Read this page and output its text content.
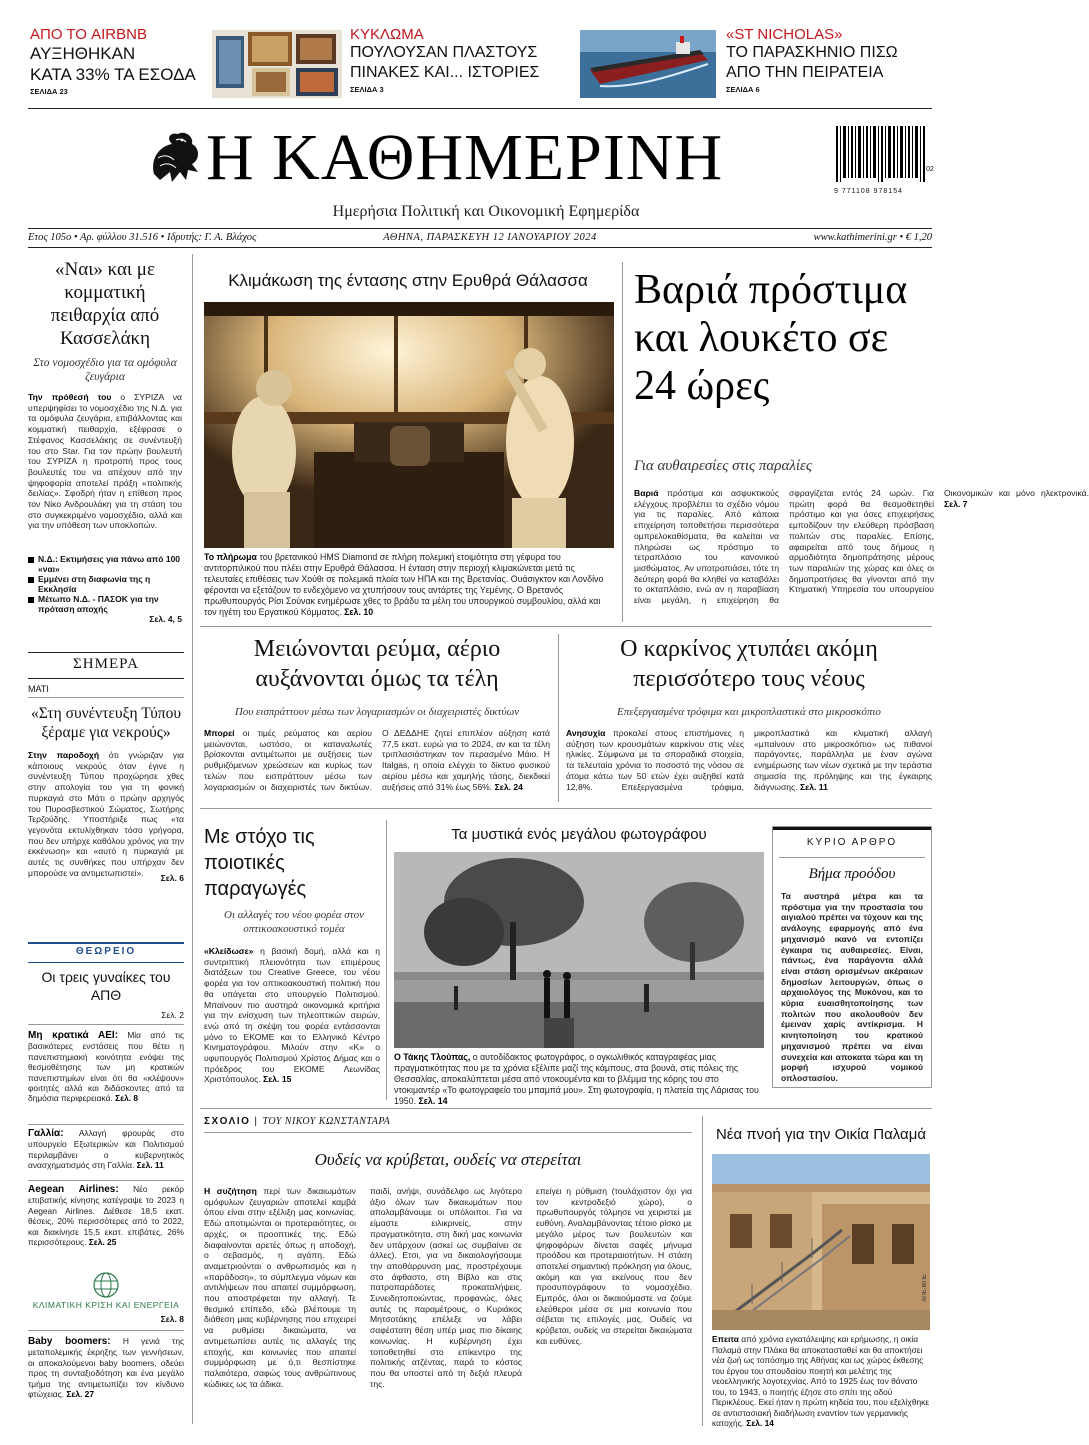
ΑΠΟ ΤΟ AIRBNB
ΑΥΞΗΘΗΚΑΝ
ΚΑΤΑ 33% ΤΑ ΕΣΟΔΑ
ΣΕΛΙΔΑ 23
ΚΥΚΛΩΜΑ
ΠΟΥΛΟΥΣΑΝ ΠΛΑΣΤΟΥΣ
ΠΙΝΑΚΕΣ ΚΑΙ... ΙΣΤΟΡΙΕΣ
ΣΕΛΙΔΑ 3
«ST NICHOLAS»
ΤΟ ΠΑΡΑΣΚΗΝΙΟ ΠΙΣΩ
ΑΠΟ ΤΗΝ ΠΕΙΡΑΤΕΙΑ
ΣΕΛΙΔΑ 6
Η ΚΑΘΗΜΕΡΙΝΗ
Ημερήσια Πολιτική και Οικονομική Εφημερίδα
9 771108 978154
02
Ετος 105ο • Αρ. φύλλου 31.516 • Ιδρυτής: Γ. Α. Βλάχος	ΑΘΗΝΑ, ΠΑΡΑΣΚΕΥΗ 12 ΙΑΝΟΥΑΡΙΟΥ 2024	www.kathimerini.gr • € 1,20
«Ναι» και με κομματική πειθαρχία από Κασσελάκη
Στο νομοσχέδιο για τα ομόφυλα ζευγάρια
Την πρόθεσή του ο ΣΥΡΙΖΑ να υπερψηφίσει το νομοσχέδιο της Ν.Δ. για τα ομόφυλα ζευγάρια, επιβάλλοντας και κομματική πειθαρχία, εξέφρασε ο Στέφανος Κασσελάκης σε συνέντευξή του στο Star. Για τον πρώην βουλευτή του ΣΥΡΙΖΑ η προτροπή προς τους βουλευτές του να απέχουν από την ψηφοφορία αποτελεί πράξη «πολιτικής δειλίας». Σφοδρή ήταν η επίθεση προς τον Νίκο Ανδρουλάκη για τη στάση του στο συγκεκριμένο νομοσχέδιο, αλλά και για την υπόθεση των υποκλοπών.
Ν.Δ.: Εκτιμήσεις για πάνω από 100 «ναι»
Εμμένει στη διαφωνία της η Εκκλησία
Μέτωπο Ν.Δ. - ΠΑΣΟΚ για την πρόταση αποχής
Σελ. 4, 5
ΣΗΜΕΡΑ
ΜΑΤΙ
«Στη συνέντευξη Τύπου ξέραμε για νεκρούς»
Στην παροδοχή ότι γνώριζαν για κάποιους νεκρούς όταν έγινε η συνέντευξη Τύπου προχώρησε χθες στην απολογία του για τη φονική πυρκαγιά στο Μάτι ο πρώην αρχηγός του Πυροσβεστικού Σώματος, Σωτήρης Τερζούδης. Υποστήριξε πως «τα γεγονότα εκτυλίχθηκαν τόσο γρήγορα, που δεν υπήρχε καθόλου χρόνος για την εκκένωση» και «αυτό η πυρκαγιά με αυτές τις συνθήκες που υπήρχαν δεν μπορούσε να αντιμετωπιστεί».
Σελ. 6
ΘΕΩΡΕΙΟ
Οι τρεις γυναίκες του ΑΠΘ
Σελ. 2
Μη κρατικά ΑΕΙ: Μία από τις βασικότερες ενστάσεις που θέτει η πανεπιστημιακή κοινότητα ενόψει της θεσμοθέτησης των μη κρατικών πανεπιστημίων είναι ότι θα «κλέψουν» φοιτητές αλλά και διδάσκοντες από τα δημόσια περιφερειακά. Σελ. 8
Γαλλία: Αλλαγή φρουράς στο υπουργείο Εξωτερικών και Πολιτισμού περιλαμβάνει ο κυβερνητικός ανασχηματισμός στη Γαλλία. Σελ. 11
Aegean Airlines: Νέο ρεκόρ επιβατικής κίνησης κατέγραψε το 2023 η Aegean Airlines. Διέθεσε 18,5 εκατ. θέσεις, 20% περισσότερες από το 2022, και διακίνησε 15,5 εκατ. επιβάτες, 26% περισσότερους. Σελ. 25
ΚΛΙΜΑΤΙΚΗ ΚΡΙΣΗ ΚΑΙ ΕΝΕΡΓΕΙΑ
Σελ. 8
Baby boomers: Η γενιά της μεταπολεμικής έκρηξης των γεννήσεων, οι αποκαλούμενοι baby boomers, οδεύει προς τη συνταξιοδότηση και ένα μεγάλο τμήμα της αντιμετωπίζει τον κίνδυνο φτώχειας. Σελ. 27
Κλιμάκωση της έντασης στην Ερυθρά Θάλασσα
ΑΠΕ-ΕΠΕ/Αρχείο
Το πλήρωμα του βρετανικού HMS Diamond σε πλήρη πολεμική ετοιμότητα στη γέφυρα του αντιτορπιλικού που πλέει στην Ερυθρά Θάλασσα. Η ένταση στην περιοχή κλιμακώνεται μετά τις τελευταίες επιθέσεις των Χούθι σε πολεμικά πλοία των ΗΠΑ και της Βρετανίας. Ουάσιγκτον και Λονδίνο φέρονται να εξετάζουν το ενδεχόμενο να χτυπήσουν τους αντάρτες της Υεμένης. Ο Βρετανός πρωθυπουργός Ρίσι Σούνακ ενημέρωσε χθες το βράδυ τα μέλη του υπουργικού συμβουλίου, αλλά και τον ηγέτη του Εργατικού Κόμματος. Σελ. 10
Βαριά πρόστιμα και λουκέτο σε 24 ώρες
Για αυθαιρεσίες στις παραλίες
Βαριά πρόστιμα και ασφυκτικούς ελέγχους προβλέπει το σχέδιο νόμου για τις παραλίες. Από κάποια επιχείρηση τοποθετήσει περισσότερα ομπρελοκαθίσματα, θα καλείται να πληρώσει ως πρόστιμο το τετραπλάσιο του κανονικού μισθώματος. Αν υποτροπιάσει, τότε τη δεύτερη φορά θα κληθεί να καταβάλει το οκταπλάσιο, ενώ αν η παραβίαση είναι μεγάλη, η επιχείρηση θα σφραγίζεται εντός 24 ωρών. Για πρώτη φορά θα θεσμοθετηθεί πρόστιμο και για όσες επιχειρήσεις εμποδίζουν την ελεύθερη πρόσβαση πολιτών στις παραλίες. Επίσης, αφαιρείται από τους δήμους η αρμοδιότητα δημοπράτησης μέρους των παραλιών της χώρας και όλες οι δημοπρατήσεις θα γίνονται από την Κτηματική Υπηρεσία του υπουργείου Οικονομικών και μόνο ηλεκτρονικά. Σελ. 7
Μειώνονται ρεύμα, αέριο αυξάνονται όμως τα τέλη
Που εισπράττουν μέσω των λογαριασμών οι διαχειριστές δικτύων
Μπορεί οι τιμές ρεύματος και αερίου μειώνονται, ωστόσο, οι καταναλωτές βρίσκονται αντιμέτωποι με αυξήσεις των ρυθμιζόμενων χρεώσεων και κυρίως των τελών που εισπράττουν μέσω των λογαριασμών οι διαχειριστές των δικτύων. Ο ΔΕΔΔΗΕ ζητεί επιπλέον αύξηση κατά 77,5 εκατ. ευρώ για το 2024, αν και τα τέλη τριπλασιάστηκαν τον περασμένο Μάιο. Η Italgas, η οποία ελέγχει το δίκτυο φυσικού αερίου μέσω και χαμηλής τάσης, διεκδικεί αυξήσεις από 31% έως 56%. Σελ. 24
Ο καρκίνος χτυπάει ακόμη περισσότερο τους νέους
Επεξεργασμένα τρόφιμα και μικροπλαστικά στο μικροσκόπιο
Ανησυχία προκαλεί στους επιστήμονες η αύξηση των κρουσμάτων καρκίνου στις νέες ηλικίες. Σύμφωνα με τα σποραδικά στοιχεία, τα τελευταία χρόνια το ποσοστό της νόσου σε άτομα κάτω των 50 ετών έχει αυξηθεί κατά 12,8%. Επεξεργασμένα τρόφιμα, μικροπλαστικά και κλιματική αλλαγή «μπαίνουν στο μικροσκόπιο» ως πιθανοί παράγοντες, παράλληλα με έναν αγώνα ενημέρωσης των νέων σχετικά με την τεράστια σημασία της πρόληψης και της έγκαιρης διάγνωσης. Σελ. 11
Με στόχο τις ποιοτικές παραγωγές
Οι αλλαγές του νέου φορέα στον οπτικοακουστικό τομέα
«Κλείδωσε» η βασική δομή, αλλά και η συντριπτική πλειονότητα των επιμέρους διατάξεων του Creative Greece, του νέου φορέα για τον οπτικοακουστική πολιτική που θα υπάγεται στο υπουργείο Πολιτισμού. Μπαίνουν πιο αυστηρά οικονομικά κριτήρια για την ενίσχυση των τηλεοπτικών σειρών, ενώ από τη σκέψη του φορέα εντάσσονται μόνο το ΕΚΟΜΕ και το Ελληνικό Κέντρο Κινηματογράφου. Μιλούν στην «Κ» ο υφυπουργός Πολιτισμού Χρίστος Δήμας και ο πρόεδρος του ΕΚΟΜΕ Λεωνίδας Χριστόπουλος. Σελ. 15
Τα μυστικά ενός μεγάλου φωτογράφου
Ο Τάκης Τλούπας, ο αυτοδίδακτος φωτογράφος, ο ογκωλιθικός καταγραφέας μιας πραγματικότητας που με τα χρόνια εξέλιπε μαζί της κάμπους, στα βουνά, στις πόλεις της Θεσσαλίας, αποκαλύπτεται μέσα από ντοκουμέντα και το βλέμμα της κόρης του στο ντοκιμαντέρ «Το φωτογραφείο του μπαμπά μου». Στη φωτογραφία, η πλατεία της Λάρισας του 1950. Σελ. 14
ΚΥΡΙΟ ΑΡΘΡΟ
Βήμα προόδου
Τα αυστηρά μέτρα και τα πρόστιμα για την προστασία του αιγιαλού πρέπει να τύχουν και της ανάλογης εφαρμογής από ένα μηχανισμό ικανό να εντοπίζει έγκαιρα τις αυθαιρεσίες. Είναι, πάντως, ένα παράγοντα αλλά είναι στάση ορισμένων ακέραιων δημοσίων λειτουργών, όπως ο αρχαιολόγος της Μυκόνου, και το κύρια ευαισθητοποίησης των πολιτών που ακολουθούν δεν έμειναν χαρίς αντίκρισμα. Η κινητοποίηση του κρατικού μηχανισμού πρέπει να είναι συνεχεία και αποκατα τώρα και τη μορφή ισχυρού νομικού οπλοστασίου.
ΣΧΟΛΙΟ | ΤΟΥ ΝΙΚΟΥ ΚΩΝΣΤΑΝΤΑΡΑ
Ουδείς να κρύβεται, ουδείς να στερείται
Η συζήτηση περί των δικαιωμάτων ομόφυλων ζευγαριών αποτελεί καμβά όπου είναι στην εξέλιξη μας κοινωνίας. Εδώ αποτιμώνται οι προτεραιότητες, οι αρχές, οι προοπτικές της. Εδώ διαφαίνονται αρετές όπως η αποδοχή, ο σεβασμός, η αγάπη. Εδώ αναμετριούνται ο ανθρωπισμός και η «παράδοση», το σύμπλεγμα νόμων και αντιλήψεων που απαιτεί συμμόρφωση, που αποστρέφεται την αλλαγή. Τε θεσμικό επίπεδο, εδώ βλέπουμε τη διάθεση μιας κυβέρνησης που επιχειρεί να ρυθμίσει δικαιώματα, να αντιμετωπίσει αυτές τις αλλαγές της εποχής, και κοινωνίες που απαιτεί συμμόρφωση με ό,τι θεσπίστηκε παλαιότερα, σαφώς τους ανθρώπινους κώδικες ως τα άδικα.
παιδί, ανήψι, συνάδελφο ως λιγότερο άξιο όλων των δικαιωμάτων που απολαμβάνουμε οι υπόλοιποι. Για να είμαστε ειλικρινείς, στην πραγματικότητα, στη δική μας κοινωνία δεν υπάρχουν (ασκεί ως συμβαίνει σε άλλες). Ετσι, για να δικαιολογήσουμε την αποθάρρυνση μας, προστρέχουμε στο άφθαστο, στη Βίβλο και στις πατροπαράδοτες προκαταλήψεις. Συνειδητοποιώντας, προφανώς, όλες αυτές τις παραμέτρους, ο Κυριάκος Μητσοτάκης επέλεξε να λάβει σαφέστατη θέση υπέρ μιας πιο δίκαιης κοινωνίας. Η κυβέρνηση έχει τοποθετηθεί στο επίκεντρο της πολιτικής ατζέντας, παρά το κόστος που θα υποστεί από τη δεξιά πλευρά της.
επείγει η ρύθμιση (τουλάχιστον όχι για τον κεντροδεξιό χώρο), ο πρωθυπουργός τόλμησε να χειριστεί με ευθύνη. Αναλαμβάνοντας τέτοιο ρίσκο με μεγάλο μέρος των βουλευτών και ψηφοφόρων δίνεται σαφές μήνυμα προόδου και προτεραιοτήτων. Η στάση αποτελεί σημαντική πρόκληση για όλους, ακόμη και για εκείνους που δεν προσυπογράφουν το νομοσχέδιο. Εμπρός, όλοι οι δικαιούμαστε να ζούμε ελεύθεροι μέσα σε μια κοινωνία που σέβεται τις επιλογές μας. Ουδείς να κρύβεται, ουδείς να στερείται δικαιώματα και ευθύνες.
Νέα πνοή για την Οικία Παλαμά
ΑΠΕ-ΜΠΕ
Επειτα από χρόνια εγκατάλειψης και ερήμωσης, η οικία Παλαμά στην Πλάκα θα αποκατασταθεί και θα αποκτήσει νέα ζωή ως τοπόσημο της Αθήνας και ως χώρος έκθεσης του έργου του σπουδαίου ποιητή και μελέτης της νεοελληνικής λογοτεχνίας. Από το 1925 έως τον θάνατο του, το 1943, ο ποιητής έζησε στο σπίτι της οδού Περικλέους. Εκεί ήταν η πρώτη κηδεία του, που εξελίχθηκε σε αντιστασιακή διαδήλωση εναντίον των γερμανικής κατοχής. Σελ. 14
